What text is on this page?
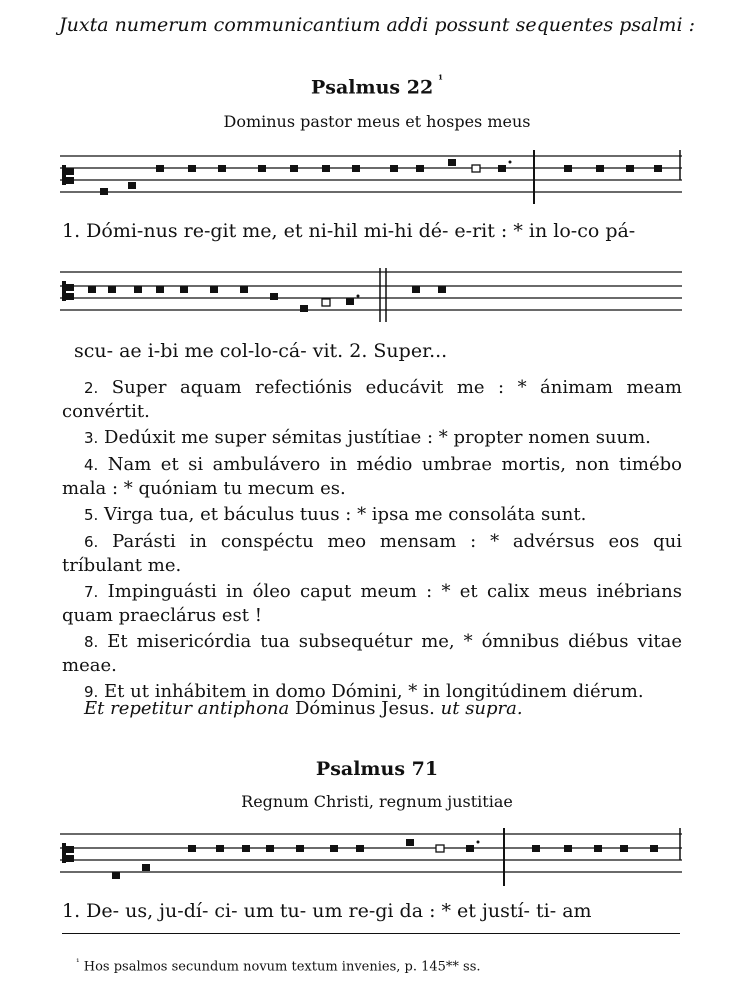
Juxta numerum communicantium addi possunt sequentes psalmi :
Psalmus 22 $^{^1}$
Dominus pastor meus et hospes meus
1. Dómi-nus re-git me, et ni-hil mi-hi dé- e-rit : * in lo-co pá-
scu- ae i-bi me col-lo-cá- vit. 2. Super...
2. Super aquam refectiónis educávit me : * ánimam meam convértit.
3. Dedúxit me super sémitas justítiae : * propter nomen suum.
4. Nam et si ambulávero in médio umbrae mortis, non timébo mala : * quóniam tu mecum es.
5. Virga tua, et báculus tuus : * ipsa me consoláta sunt.
6. Parásti in conspéctu meo mensam : * advérsus eos qui tríbulant me.
7. Impinguásti in óleo caput meum : * et calix meus inébrians quam praeclárus est !
8. Et misericórdia tua subsequétur me, * ómnibus diébus vitae meae.
9. Et ut inhábitem in domo Dómini, * in longitúdinem diérum.
Et repetitur antiphona Dóminus Jesus. ut supra.
Psalmus 71
Regnum Christi, regnum justitiae
1. De- us, ju-dí- ci- um tu- um re-gi da : * et justí- ti- am
$^{^1}$ Hos psalmos secundum novum textum invenies, p. 145** ss.
